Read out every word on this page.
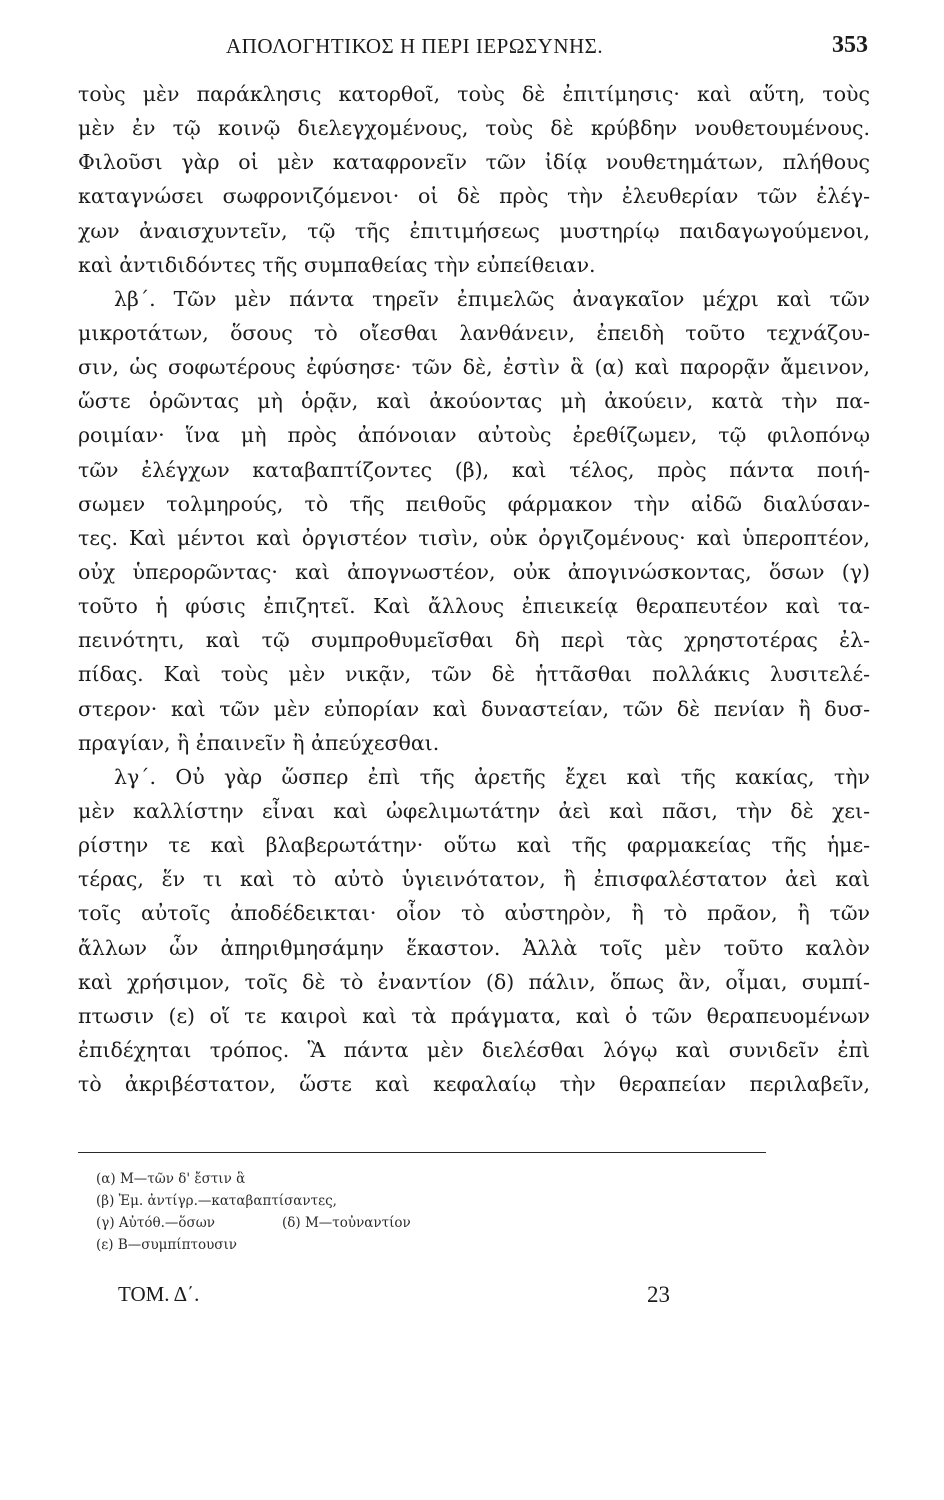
ΑΠΟΛΟΓΗΤΙΚΟΣ Η ΠΕΡΙ ΙΕΡΩΣΥΝΗΣ.	353
τοὺς μὲν παράκλησις κατορθοῖ, τοὺς δὲ ἐπιτίμησις· καὶ αὕτη, τοὺς
μὲν ἐν τῷ κοινῷ διελεγχομένους, τοὺς δὲ κρύβδην νουθετουμένους.
Φιλοῦσι γὰρ οἱ μὲν καταφρονεῖν τῶν ἰδίᾳ νουθετημάτων, πλήθους
καταγνώσει σωφρονιζόμενοι· οἱ δὲ πρὸς τὴν ἐλευθερίαν τῶν ἐλέγ-
χων ἀναισχυντεῖν, τῷ τῆς ἐπιτιμήσεως μυστηρίῳ παιδαγωγούμενοι,
καὶ ἀντιδιδόντες τῆς συμπαθείας τὴν εὐπείθειαν.
λβ΄. Τῶν μὲν πάντα τηρεῖν ἐπιμελῶς ἀναγκαῖον μέχρι καὶ τῶν
μικροτάτων, ὅσους τὸ οἴεσθαι λανθάνειν, ἐπειδὴ τοῦτο τεχνάζου-
σιν, ὡς σοφωτέρους ἐφύσησε· τῶν δὲ, ἐστὶν ἃ (α) καὶ παρορᾷν ἄμεινον,
ὥστε ὁρῶντας μὴ ὁρᾷν, καὶ ἀκούοντας μὴ ἀκούειν, κατὰ τὴν πα-
ροιμίαν· ἵνα μὴ πρὸς ἀπόνοιαν αὐτοὺς ἐρεθίζωμεν, τῷ φιλοπόνῳ
τῶν ἐλέγχων καταβαπτίζοντες (β), καὶ τέλος, πρὸς πάντα ποιή-
σωμεν τολμηρούς, τὸ τῆς πειθοῦς φάρμακον τὴν αἰδῶ διαλύσαν-
τες. Καὶ μέντοι καὶ ὀργιστέον τισὶν, οὐκ ὀργιζομένους· καὶ ὑπεροπτέον,
οὐχ ὑπερορῶντας· καὶ ἀπογνωστέον, οὐκ ἀπογινώσκοντας, ὅσων (γ)
τοῦτο ἡ φύσις ἐπιζητεῖ. Καὶ ἄλλους ἐπιεικείᾳ θεραπευτέον καὶ τα-
πεινότητι, καὶ τῷ συμπροθυμεῖσθαι δὴ περὶ τὰς χρηστοτέρας ἐλ-
πίδας. Καὶ τοὺς μὲν νικᾷν, τῶν δὲ ἡττᾶσθαι πολλάκις λυσιτελέ-
στερον· καὶ τῶν μὲν εὐπορίαν καὶ δυναστείαν, τῶν δὲ πενίαν ἢ δυσ-
πραγίαν, ἢ ἐπαινεῖν ἢ ἀπεύχεσθαι.
λγ΄. Οὐ γὰρ ὥσπερ ἐπὶ τῆς ἀρετῆς ἔχει καὶ τῆς κακίας, τὴν
μὲν καλλίστην εἶναι καὶ ὠφελιμωτάτην ἀεὶ καὶ πᾶσι, τὴν δὲ χει-
ρίστην τε καὶ βλαβερωτάτην· οὕτω καὶ τῆς φαρμακείας τῆς ἡμε-
τέρας, ἕν τι καὶ τὸ αὐτὸ ὑγιεινότατον, ἢ ἐπισφαλέστατον ἀεὶ καὶ
τοῖς αὐτοῖς ἀποδέδεικται· οἷον τὸ αὐστηρὸν, ἢ τὸ πρᾶον, ἢ τῶν
ἄλλων ὧν ἀπηριθμησάμην ἕκαστον. Ἀλλὰ τοῖς μὲν τοῦτο καλὸν
καὶ χρήσιμον, τοῖς δὲ τὸ ἐναντίον (δ) πάλιν, ὅπως ἂν, οἶμαι, συμπί-
πτωσιν (ε) οἵ τε καιροὶ καὶ τὰ πράγματα, καὶ ὁ τῶν θεραπευομένων
ἐπιδέχηται τρόπος. Ἃ πάντα μὲν διελέσθαι λόγῳ καὶ συνιδεῖν ἐπὶ
τὸ ἀκριβέστατον, ὥστε καὶ κεφαλαίῳ τὴν θεραπείαν περιλαβεῖν,
(α) Μ—τῶν δ' ἔστιν ἃ
(β) Ἐμ. ἀντίγρ.—καταβαπτίσαντες,
(γ) Αὐτόθ.—ὅσων	(δ) Μ—τοὐναντίον
(ε) Β—συμπίπτουσιν
ΤΟΜ. Δ΄.	23
